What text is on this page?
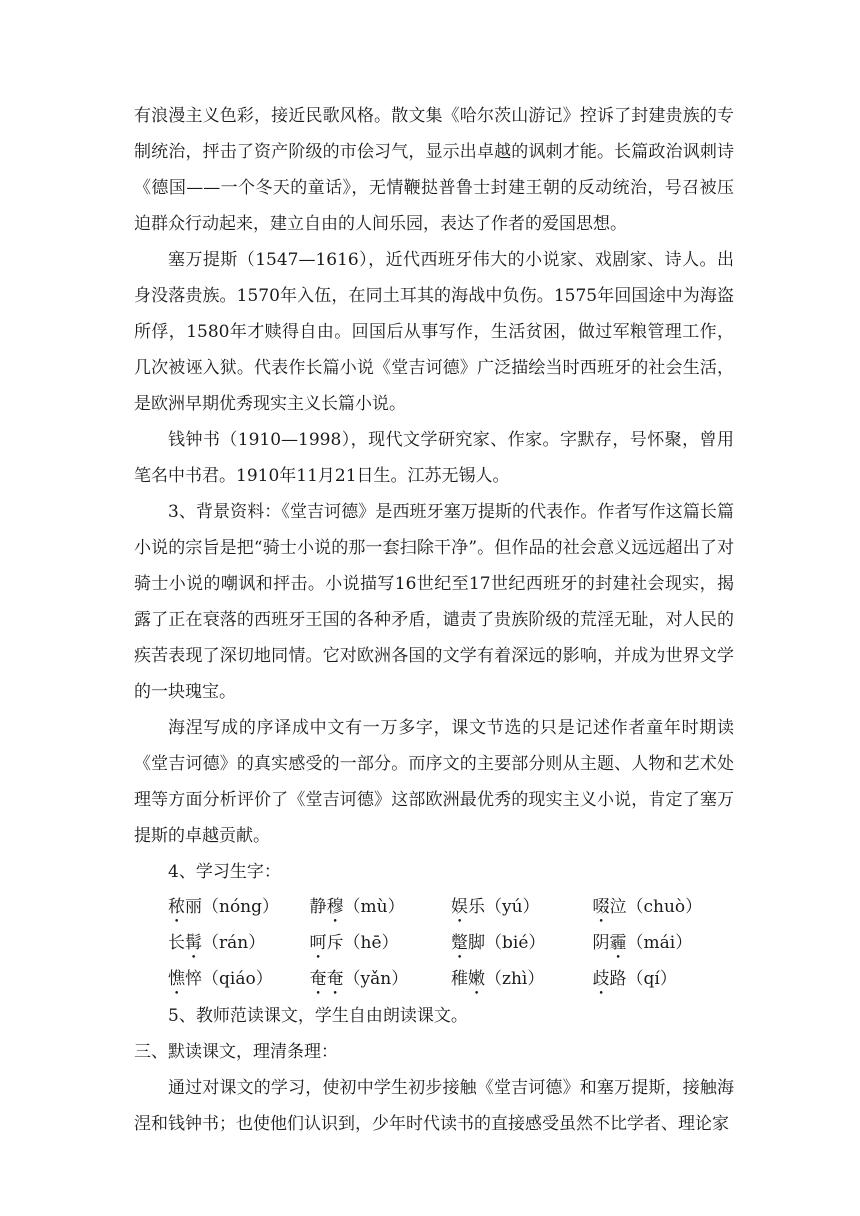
有浪漫主义色彩，接近民歌风格。散文集《哈尔茨山游记》控诉了封建贵族的专制统治，抨击了资产阶级的市侩习气，显示出卓越的讽刺才能。长篇政治讽刺诗《德国——一个冬天的童话》，无情鞭挞普鲁士封建王朝的反动统治，号召被压迫群众行动起来，建立自由的人间乐园，表达了作者的爱国思想。

塞万提斯（1547—1616），近代西班牙伟大的小说家、戏剧家、诗人。出身没落贵族。1570年入伍，在同土耳其的海战中负伤。1575年回国途中为海盗所俘，1580年才赎得自由。回国后从事写作，生活贫困，做过军粮管理工作，几次被诬入狱。代表作长篇小说《堂吉诃德》广泛描绘当时西班牙的社会生活，是欧洲早期优秀现实主义长篇小说。

钱钟书（1910—1998），现代文学研究家、作家。字默存，号怀聚，曾用笔名中书君。1910年11月21日生。江苏无锡人。

3、背景资料：《堂吉诃德》是西班牙塞万提斯的代表作。作者写作这篇长篇小说的宗旨是把“骑士小说的那一套扫除干净”。但作品的社会意义远远超出了对骑士小说的嘲讽和抨击。小说描写16世纪至17世纪西班牙的封建社会现实，揭露了正在衰落的西班牙王国的各种矛盾，谴责了贵族阶级的荒淫无耻，对人民的疾苦表现了深切地同情。它对欧洲各国的文学有着深远的影响，并成为世界文学的一块瑰宝。

海涅写成的序译成中文有一万多字，课文节选的只是记述作者童年时期读《堂吉诃德》的真实感受的一部分。而序文的主要部分则从主题、人物和艺术处理等方面分析评价了《堂吉诃德》这部欧洲最优秀的现实主义小说，肯定了塞万提斯的卓越贡献。

4、学习生字：

秾丽（nóng）	静穆（mù）	娱乐（yú）	啜泣（chuò）
长髯（rán）	呵斥（hē）	蹩脚（bié）	阴霾（mái）
憔悴（qiáo）	奄奄（yǎn）	稚嫩（zhì）	歧路（qí）

5、教师范读课文，学生自由朗读课文。

三、默读课文，理清条理：

通过对课文的学习，使初中学生初步接触《堂吉诃德》和塞万提斯，接触海涅和钱钟书；也使他们认识到，少年时代读书的直接感受虽然不比学者、理论家
